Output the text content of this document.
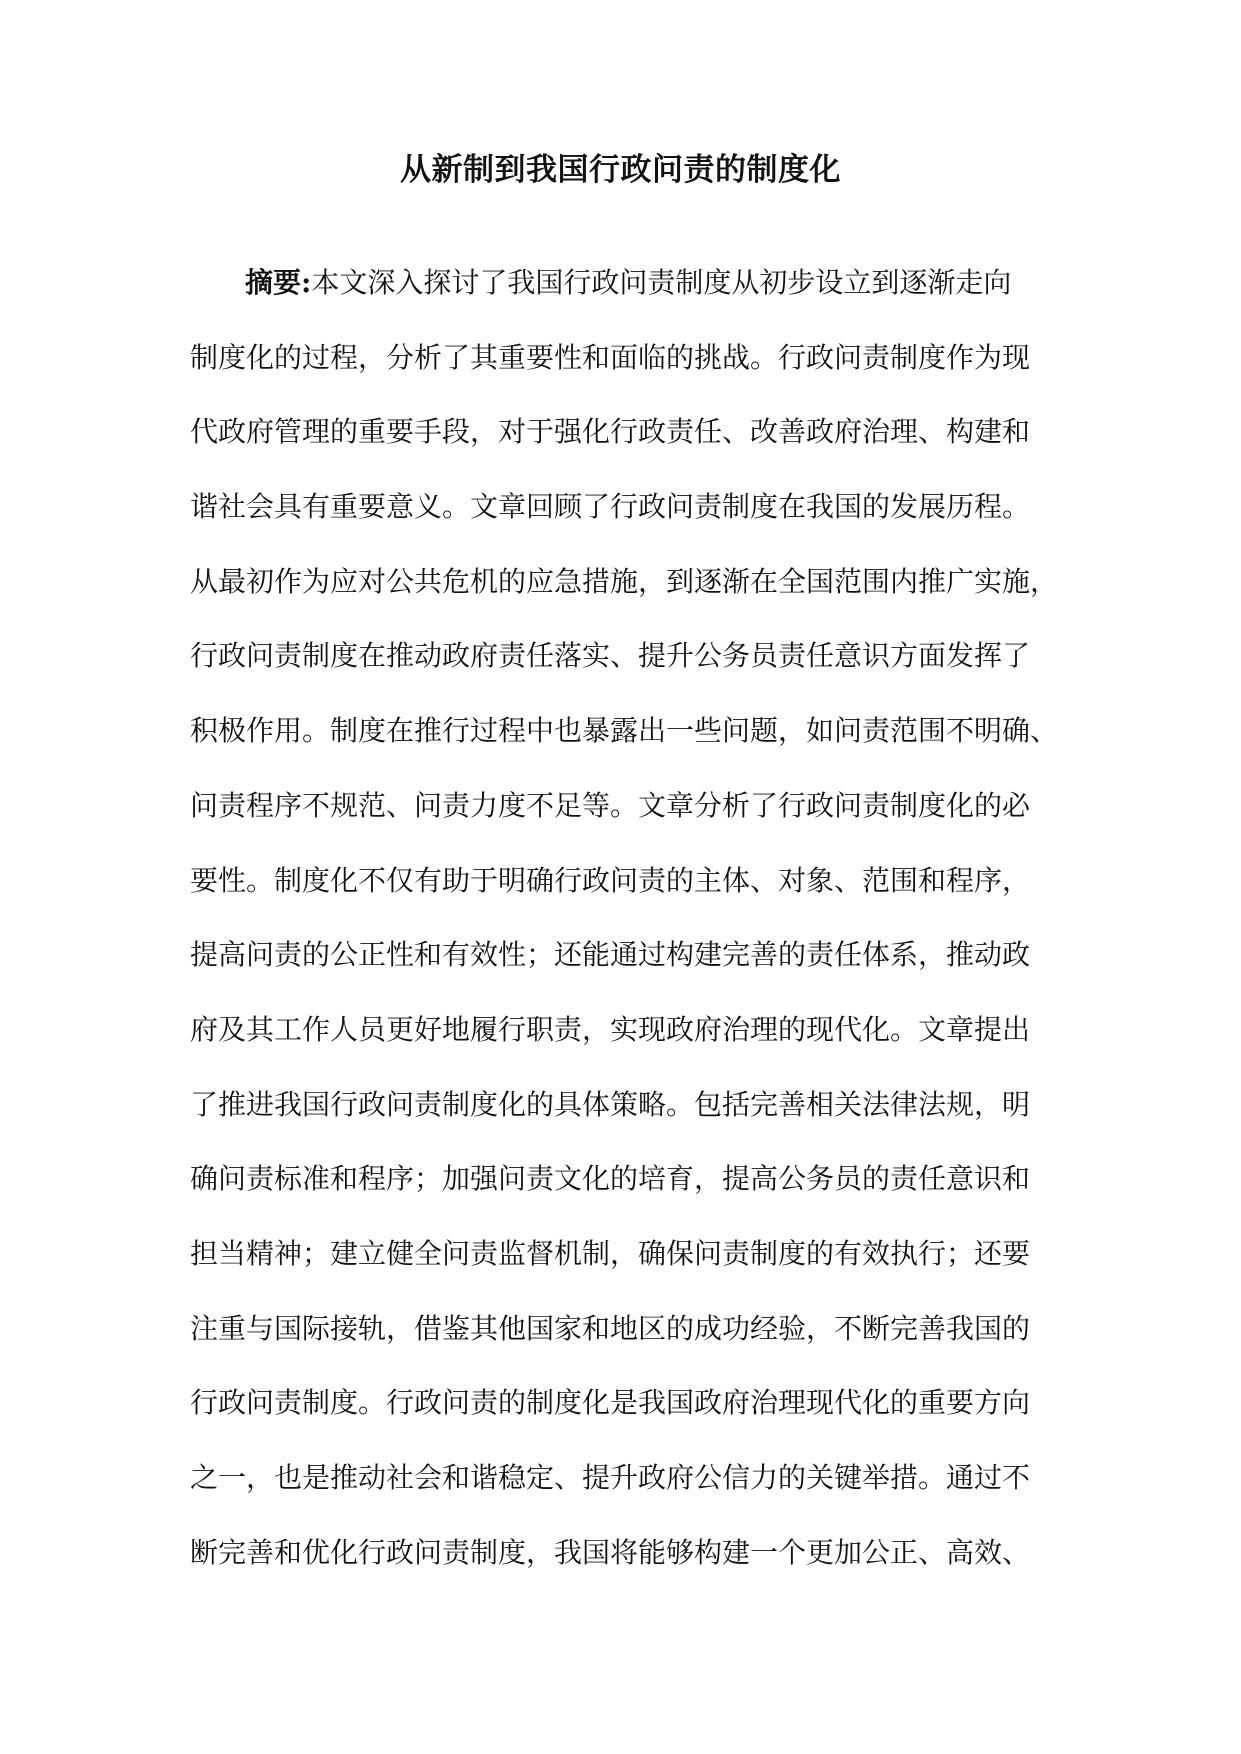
从新制到我国行政问责的制度化
摘要:本文深入探讨了我国行政问责制度从初步设立到逐渐走向
制度化的过程，分析了其重要性和面临的挑战。行政问责制度作为现
代政府管理的重要手段，对于强化行政责任、改善政府治理、构建和
谐社会具有重要意义。文章回顾了行政问责制度在我国的发展历程。
从最初作为应对公共危机的应急措施，到逐渐在全国范围内推广实施，
行政问责制度在推动政府责任落实、提升公务员责任意识方面发挥了
积极作用。制度在推行过程中也暴露出一些问题，如问责范围不明确、
问责程序不规范、问责力度不足等。文章分析了行政问责制度化的必
要性。制度化不仅有助于明确行政问责的主体、对象、范围和程序，
提高问责的公正性和有效性；还能通过构建完善的责任体系，推动政
府及其工作人员更好地履行职责，实现政府治理的现代化。文章提出
了推进我国行政问责制度化的具体策略。包括完善相关法律法规，明
确问责标准和程序；加强问责文化的培育，提高公务员的责任意识和
担当精神；建立健全问责监督机制，确保问责制度的有效执行；还要
注重与国际接轨，借鉴其他国家和地区的成功经验，不断完善我国的
行政问责制度。行政问责的制度化是我国政府治理现代化的重要方向
之一，也是推动社会和谐稳定、提升政府公信力的关键举措。通过不
断完善和优化行政问责制度，我国将能够构建一个更加公正、高效、
